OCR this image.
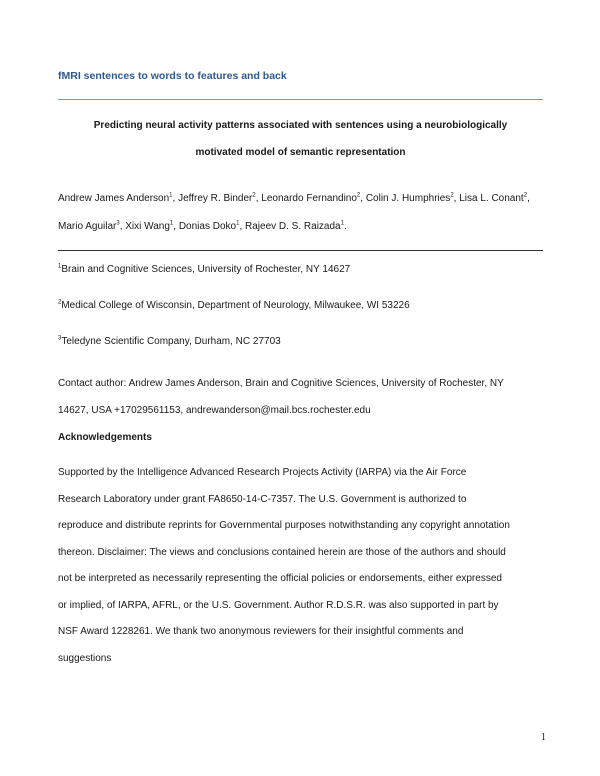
fMRI sentences to words to features and back
Predicting neural activity patterns associated with sentences using a neurobiologically
motivated model of semantic representation
Andrew James Anderson$^1$, Jeffrey R. Binder$^2$, Leonardo Fernandino$^2$, Colin J. Humphries$^2$, Lisa L. Conant$^2$, Mario Aguilar$^3$, Xixi Wang$^1$, Donias Doko$^1$, Rajeev D. S. Raizada$^1$.
$^1$Brain and Cognitive Sciences, University of Rochester, NY 14627
$^2$Medical College of Wisconsin, Department of Neurology, Milwaukee, WI 53226
$^3$Teledyne Scientific Company, Durham, NC 27703
Contact author: Andrew James Anderson, Brain and Cognitive Sciences, University of Rochester, NY
14627, USA +17029561153, andrewanderson@mail.bcs.rochester.edu
Acknowledgements
Supported by the Intelligence Advanced Research Projects Activity (IARPA) via the Air Force
Research Laboratory under grant FA8650-14-C-7357. The U.S. Government is authorized to
reproduce and distribute reprints for Governmental purposes notwithstanding any copyright annotation
thereon. Disclaimer: The views and conclusions contained herein are those of the authors and should
not be interpreted as necessarily representing the official policies or endorsements, either expressed
or implied, of IARPA, AFRL, or the U.S. Government. Author R.D.S.R. was also supported in part by
NSF Award 1228261. We thank two anonymous reviewers for their insightful comments and
suggestions
1
